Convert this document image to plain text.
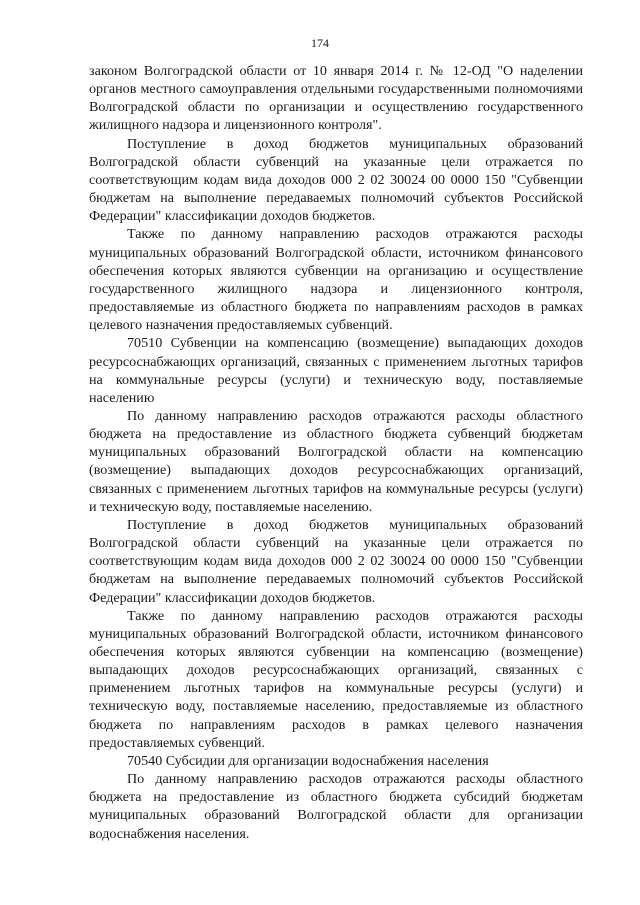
174

законом Волгоградской области от 10 января 2014 г. № 12-ОД "О наделении органов местного самоуправления отдельными государственными полномочиями Волгоградской области по организации и осуществлению государственного жилищного надзора и лицензионного контроля".

Поступление в доход бюджетов муниципальных образований Волгоградской области субвенций на указанные цели отражается по соответствующим кодам вида доходов 000 2 02 30024 00 0000 150 "Субвенции бюджетам на выполнение передаваемых полномочий субъектов Российской Федерации" классификации доходов бюджетов.

Также по данному направлению расходов отражаются расходы муниципальных образований Волгоградской области, источником финансового обеспечения которых являются субвенции на организацию и осуществление государственного жилищного надзора и лицензионного контроля, предоставляемые из областного бюджета по направлениям расходов в рамках целевого назначения предоставляемых субвенций.

70510 Субвенции на компенсацию (возмещение) выпадающих доходов ресурсоснабжающих организаций, связанных с применением льготных тарифов на коммунальные ресурсы (услуги) и техническую воду, поставляемые населению

По данному направлению расходов отражаются расходы областного бюджета на предоставление из областного бюджета субвенций бюджетам муниципальных образований Волгоградской области на компенсацию (возмещение) выпадающих доходов ресурсоснабжающих организаций, связанных с применением льготных тарифов на коммунальные ресурсы (услуги) и техническую воду, поставляемые населению.

Поступление в доход бюджетов муниципальных образований Волгоградской области субвенций на указанные цели отражается по соответствующим кодам вида доходов 000 2 02 30024 00 0000 150 "Субвенции бюджетам на выполнение передаваемых полномочий субъектов Российской Федерации" классификации доходов бюджетов.

Также по данному направлению расходов отражаются расходы муниципальных образований Волгоградской области, источником финансового обеспечения которых являются субвенции на компенсацию (возмещение) выпадающих доходов ресурсоснабжающих организаций, связанных с применением льготных тарифов на коммунальные ресурсы (услуги) и техническую воду, поставляемые населению, предоставляемые из областного бюджета по направлениям расходов в рамках целевого назначения предоставляемых субвенций.

70540 Субсидии для организации водоснабжения населения

По данному направлению расходов отражаются расходы областного бюджета на предоставление из областного бюджета субсидий бюджетам муниципальных образований Волгоградской области для организации водоснабжения населения.
